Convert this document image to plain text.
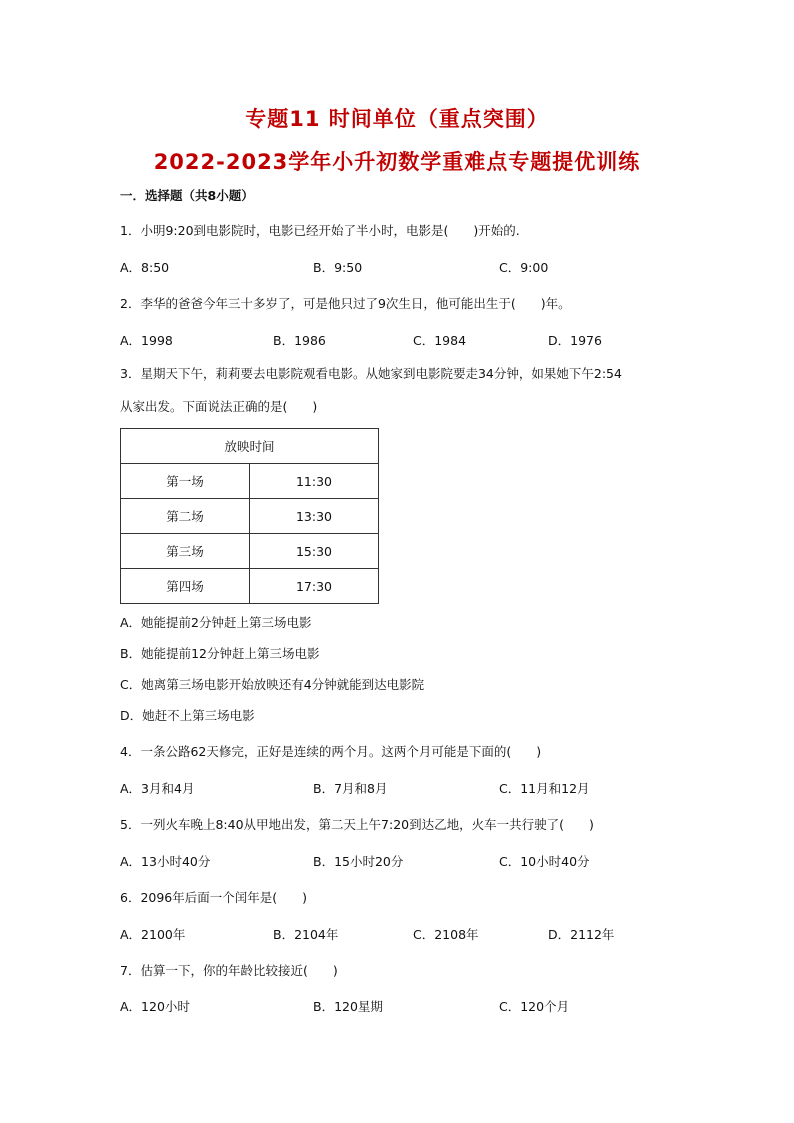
专题11 时间单位（重点突围）
2022-2023学年小升初数学重难点专题提优训练
一．选择题（共8小题）
1．小明9:20到电影院时，电影已经开始了半小时，电影是(　　)开始的.
A．8:50	B．9:50	C．9:00
2．李华的爸爸今年三十多岁了，可是他只过了9次生日，他可能出生于(　　)年。
A．1998	B．1986	C．1984	D．1976
3．星期天下午，莉莉要去电影院观看电影。从她家到电影院要走34分钟，如果她下午2:54
从家出发。下面说法正确的是(　　)
放映时间	
第一场	11:30
第二场	13:30
第三场	15:30
第四场	17:30
A．她能提前2分钟赶上第三场电影
B．她能提前12分钟赶上第三场电影
C．她离第三场电影开始放映还有4分钟就能到达电影院
D．她赶不上第三场电影
4．一条公路62天修完，正好是连续的两个月。这两个月可能是下面的(　　)
A．3月和4月	B．7月和8月	C．11月和12月
5．一列火车晚上8:40从甲地出发，第二天上午7:20到达乙地，火车一共行驶了(　　)
A．13小时40分	B．15小时20分	C．10小时40分
6．2096年后面一个闰年是(　　)
A．2100年	B．2104年	C．2108年	D．2112年
7．估算一下，你的年龄比较接近(　　)
A．120小时	B．120星期	C．120个月
